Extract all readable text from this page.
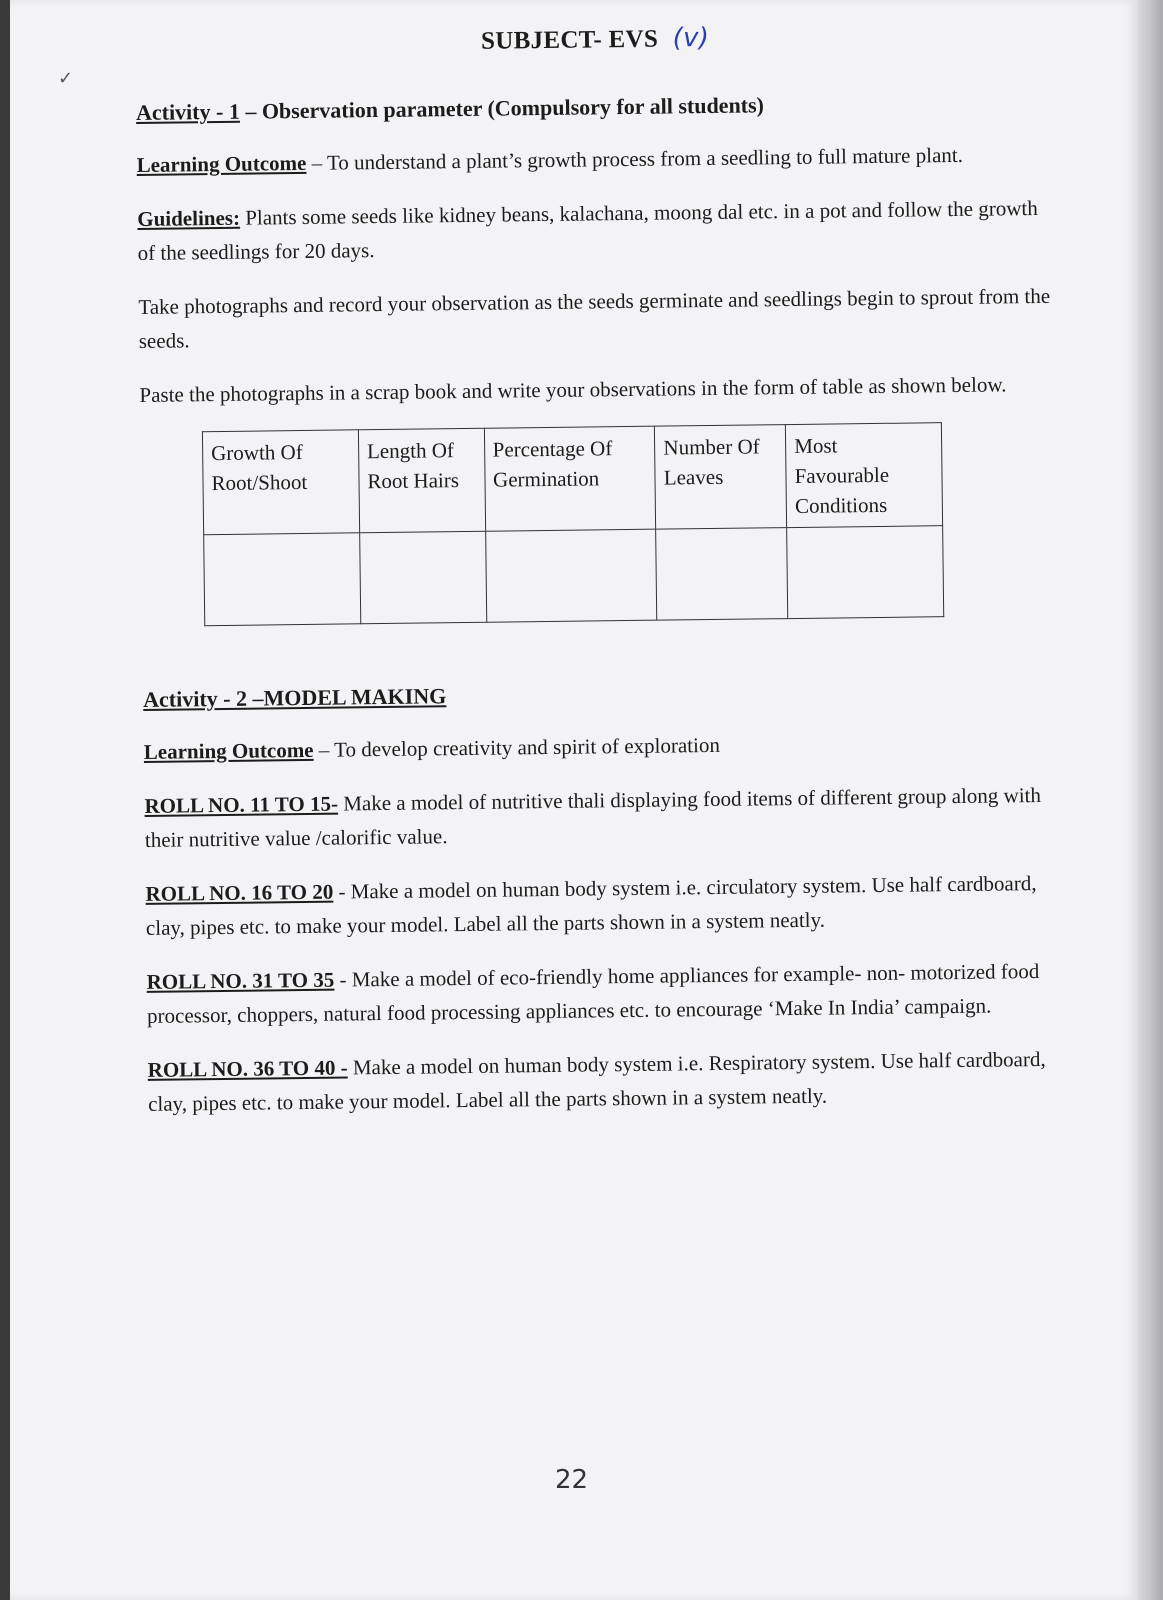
✓
SUBJECT- EVS (v)
Activity - 1 – Observation parameter (Compulsory for all students)

Learning Outcome – To understand a plant’s growth process from a seedling to full mature plant.

Guidelines: Plants some seeds like kidney beans, kalachana, moong dal etc. in a pot and follow the growth of the seedlings for 20 days.

Take photographs and record your observation as the seeds germinate and seedlings begin to sprout from the seeds.

Paste the photographs in a scrap book and write your observations in the form of table as shown below.

Growth Of Root/Shoot	Length Of Root Hairs	Percentage Of Germination	Number Of Leaves	Most Favourable Conditions

Activity - 2 –MODEL MAKING

Learning Outcome – To develop creativity and spirit of exploration

ROLL NO. 11 TO 15- Make a model of nutritive thali displaying food items of different group along with their nutritive value /calorific value.

ROLL NO. 16 TO 20 - Make a model on human body system i.e. circulatory system. Use half cardboard, clay, pipes etc. to make your model. Label all the parts shown in a system neatly.

ROLL NO. 31 TO 35 - Make a model of eco-friendly home appliances for example- non- motorized food processor, choppers, natural food processing appliances etc. to encourage ‘Make In India’ campaign.

ROLL NO. 36 TO 40 - Make a model on human body system i.e. Respiratory system. Use half cardboard, clay, pipes etc. to make your model. Label all the parts shown in a system neatly.

22
